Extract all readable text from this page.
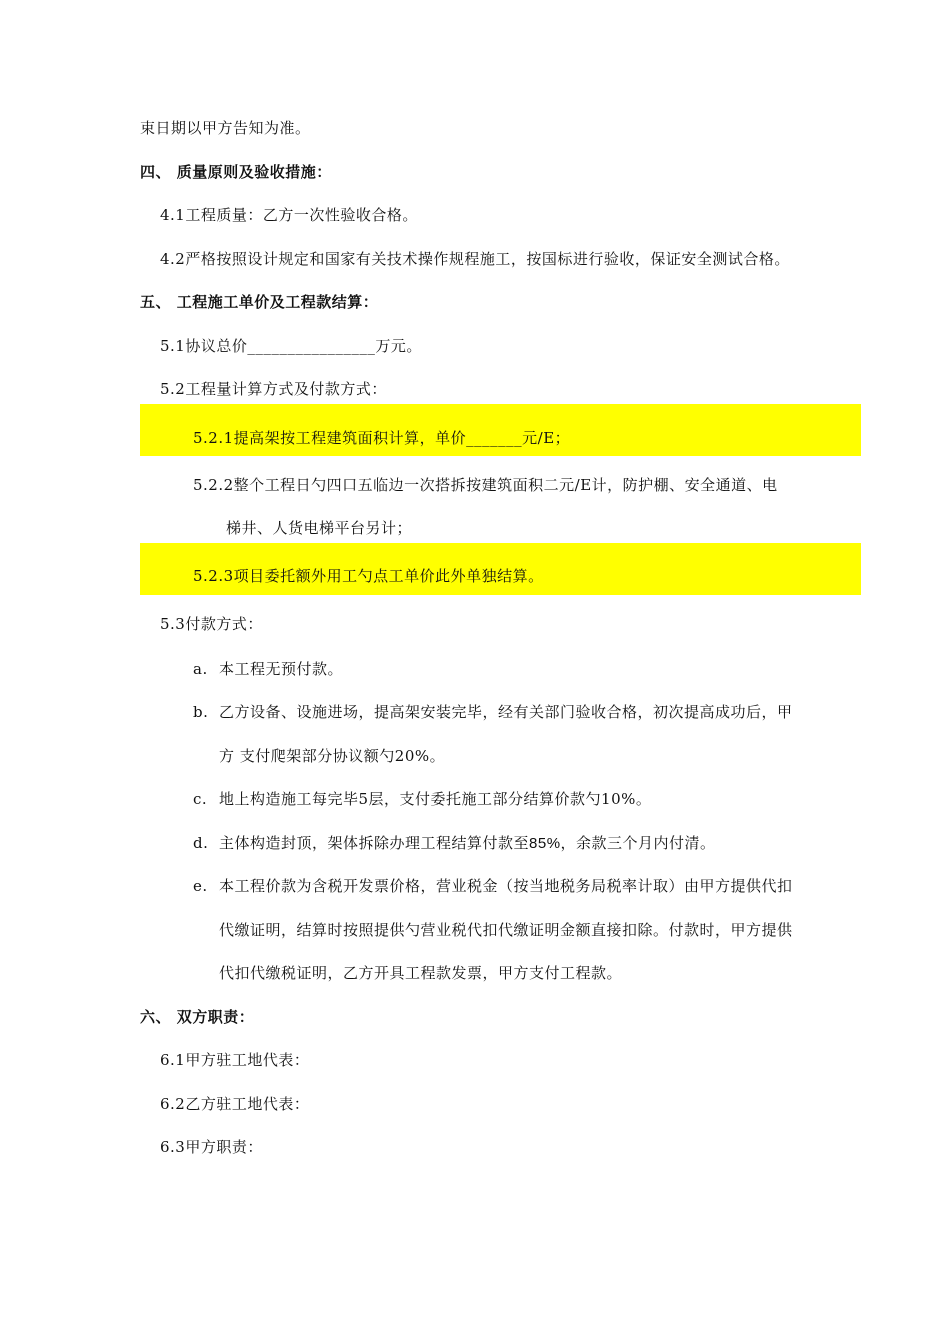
束日期以甲方告知为准。
四、 质量原则及验收措施：
4.1工程质量：乙方一次性验收合格。
4.2严格按照设计规定和国家有关技术操作规程施工，按国标进行验收，保证安全测试合格。
五、 工程施工单价及工程款结算：
5.1协议总价________________万元。
5.2工程量计算方式及付款方式：
5.2.1提高架按工程建筑面积计算，单价_______元/E；
5.2.2整个工程日勺四口五临边一次搭拆按建筑面积二元/E计，防护棚、安全通道、电
梯井、人货电梯平台另计；
5.2.3项目委托额外用工勺点工单价此外单独结算。
5.3付款方式：
a. 本工程无预付款。
b. 乙方设备、设施进场，提高架安装完毕，经有关部门验收合格，初次提高成功后，甲
方 支付爬架部分协议额勺20%。
c. 地上构造施工每完毕5层，支付委托施工部分结算价款勺10%。
d. 主体构造封顶，架体拆除办理工程结算付款至85%，余款三个月内付清。
e. 本工程价款为含税开发票价格，营业税金（按当地税务局税率计取）由甲方提供代扣
代缴证明，结算时按照提供勺营业税代扣代缴证明金额直接扣除。付款时，甲方提供
代扣代缴税证明，乙方开具工程款发票，甲方支付工程款。
六、 双方职责：
6.1甲方驻工地代表：
6.2乙方驻工地代表：
6.3甲方职责：
